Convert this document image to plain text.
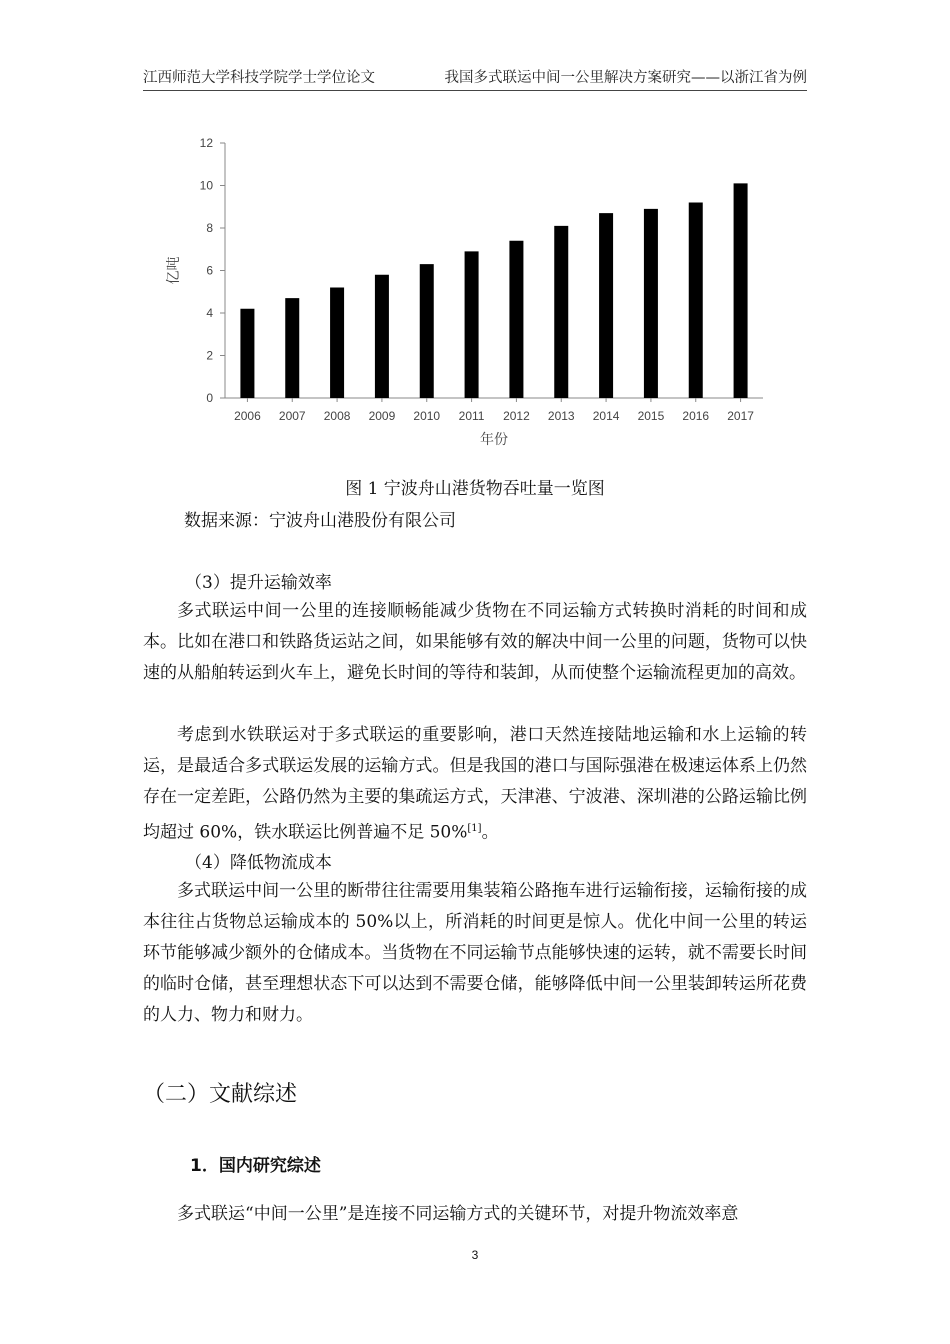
江西师范大学科技学院学士学位论文	我国多式联运中间一公里解决方案研究——以浙江省为例
0
2
4
6
8
10
12
2006 2007 2008 2009 2010 2011 2012 2013 2014 2015 2016 2017
年份
亿吨
图 1 宁波舟山港货物吞吐量一览图
数据来源：宁波舟山港股份有限公司
（3）提升运输效率
多式联运中间一公里的连接顺畅能减少货物在不同运输方式转换时消耗的时间和成本。比如在港口和铁路货运站之间，如果能够有效的解决中间一公里的问题，货物可以快速的从船舶转运到火车上，避免长时间的等待和装卸，从而使整个运输流程更加的高效。
考虑到水铁联运对于多式联运的重要影响，港口天然连接陆地运输和水上运输的转运，是最适合多式联运发展的运输方式。但是我国的港口与国际强港在极速运体系上仍然存在一定差距，公路仍然为主要的集疏运方式，天津港、宁波港、深圳港的公路运输比例均超过 60%，铁水联运比例普遍不足 50%[1]。
（4）降低物流成本
多式联运中间一公里的断带往往需要用集装箱公路拖车进行运输衔接，运输衔接的成本往往占货物总运输成本的 50%以上，所消耗的时间更是惊人。优化中间一公里的转运环节能够减少额外的仓储成本。当货物在不同运输节点能够快速的运转，就不需要长时间的临时仓储，甚至理想状态下可以达到不需要仓储，能够降低中间一公里装卸转运所花费的人力、物力和财力。
（二）文献综述
1．国内研究综述
多式联运“中间一公里”是连接不同运输方式的关键环节，对提升物流效率意
3
